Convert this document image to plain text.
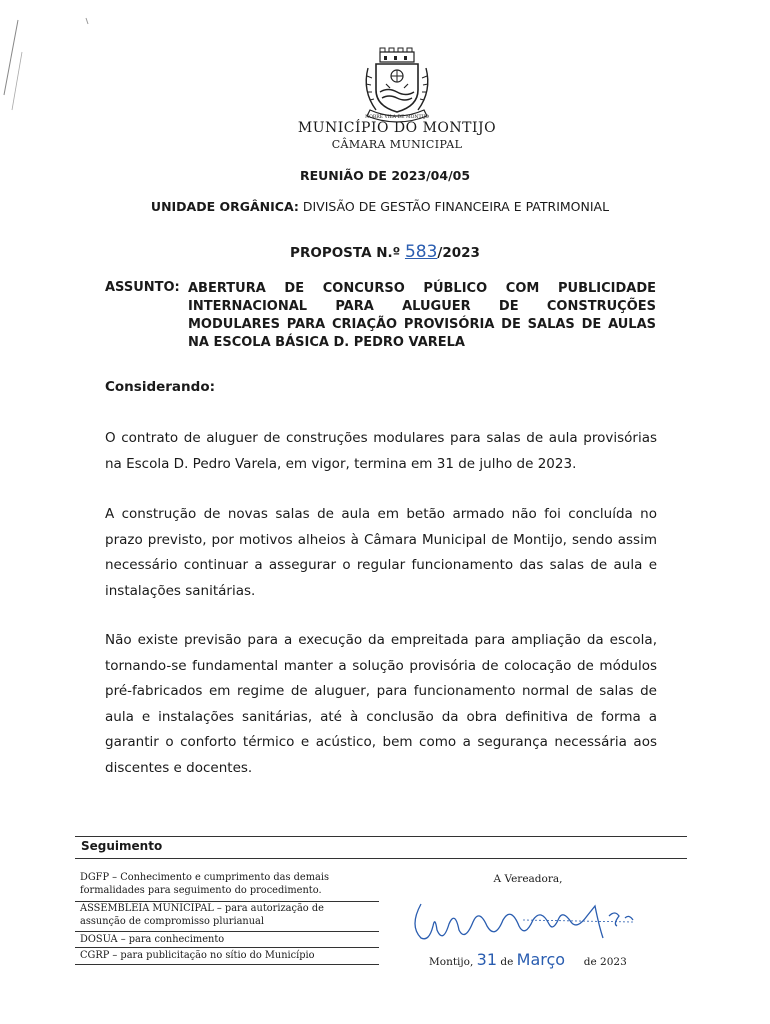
NOBRE VILA DE MONTIJO
MUNICÍPIO DO MONTIJO
CÂMARA MUNICIPAL
REUNIÃO DE 2023/04/05
UNIDADE ORGÂNICA: DIVISÃO DE GESTÃO FINANCEIRA E PATRIMONIAL
PROPOSTA N.º 583/2023
ASSUNTO: ABERTURA DE CONCURSO PÚBLICO COM PUBLICIDADE INTERNACIONAL PARA ALUGUER DE CONSTRUÇÕES MODULARES PARA CRIAÇÃO PROVISÓRIA DE SALAS DE AULAS NA ESCOLA BÁSICA D. PEDRO VARELA
Considerando:
O contrato de aluguer de construções modulares para salas de aula provisórias na Escola D. Pedro Varela, em vigor, termina em 31 de julho de 2023.
A construção de novas salas de aula em betão armado não foi concluída no prazo previsto, por motivos alheios à Câmara Municipal de Montijo, sendo assim necessário continuar a assegurar o regular funcionamento das salas de aula e instalações sanitárias.
Não existe previsão para a execução da empreitada para ampliação da escola, tornando-se fundamental manter a solução provisória de colocação de módulos pré-fabricados em regime de aluguer, para funcionamento normal de salas de aula e instalações sanitárias, até à conclusão da obra definitiva de forma a garantir o conforto térmico e acústico, bem como a segurança necessária aos discentes e docentes.
Seguimento
DGFP – Conhecimento e cumprimento das demais formalidades para seguimento do procedimento.
ASSEMBLEIA MUNICIPAL – para autorização de assunção de compromisso plurianual
DOSUA – para conhecimento
CGRP – para publicitação no sítio do Município
A Vereadora,
Montijo, 31 de Março de 2023
